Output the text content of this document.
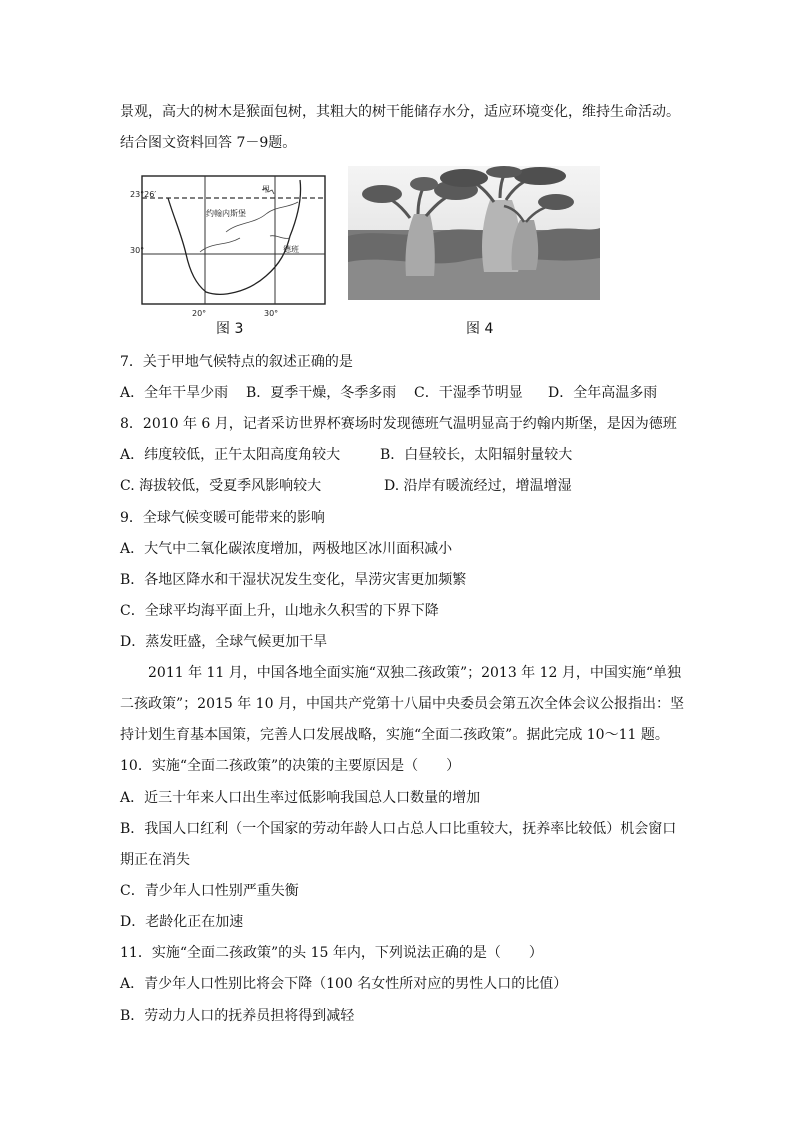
景观，高大的树木是猴面包树，其粗大的树干能储存水分，适应环境变化，维持生命活动。
结合图文资料回答 7－9题。
23°26′
30°
甲
约翰内斯堡
德班
20°	30°
图 3	图 4
7．关于甲地气候特点的叙述正确的是
A．全年干旱少雨 B．夏季干燥，冬季多雨 C．干湿季节明显 D．全年高温多雨
8．2010 年 6 月，记者采访世界杯赛场时发现德班气温明显高于约翰内斯堡，是因为德班
A．纬度较低，正午太阳高度角较大	B．白昼较长，太阳辐射量较大
C. 海拔较低，受夏季风影响较大	D. 沿岸有暖流经过，增温增湿
9．全球气候变暖可能带来的影响
A．大气中二氧化碳浓度增加，两极地区冰川面积减小
B．各地区降水和干湿状况发生变化，旱涝灾害更加频繁
C．全球平均海平面上升，山地永久积雪的下界下降
D．蒸发旺盛，全球气候更加干旱
2011 年 11 月，中国各地全面实施“双独二孩政策”；2013 年 12 月，中国实施“单独
二孩政策”；2015 年 10 月，中国共产党第十八届中央委员会第五次全体会议公报指出：坚
持计划生育基本国策，完善人口发展战略，实施“全面二孩政策”。据此完成 10～11 题。
10．实施“全面二孩政策”的决策的主要原因是（　　）
A．近三十年来人口出生率过低影响我国总人口数量的增加
B．我国人口红利（一个国家的劳动年龄人口占总人口比重较大，抚养率比较低）机会窗口
期正在消失
C．青少年人口性别严重失衡
D．老龄化正在加速
11．实施“全面二孩政策”的头 15 年内，下列说法正确的是（　　）
A．青少年人口性别比将会下降（100 名女性所对应的男性人口的比值）
B．劳动力人口的抚养员担将得到减轻
